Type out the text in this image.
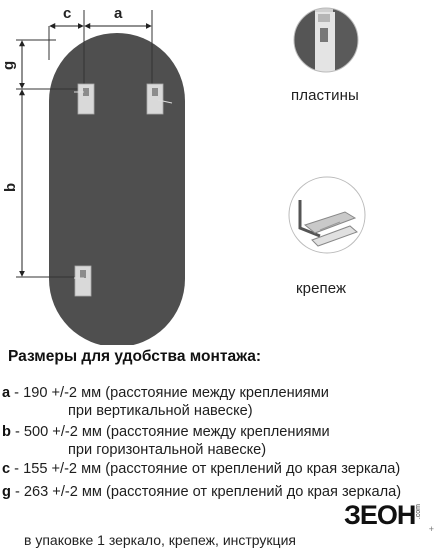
c	a
g
b
пластины
крепеж
Размеры для удобства монтажа:
a - 190 +/-2 мм (расстояние между креплениями
при вертикальной навеске)
b - 500 +/-2 мм (расстояние между креплениями
при горизонтальной навеске)
c - 155 +/-2 мм (расстояние от креплений до края зеркала)
g - 263 +/-2 мм (расстояние от креплений до края зеркала)
ЗЕОН .com
+
в упаковке 1 зеркало, крепеж, инструкция
